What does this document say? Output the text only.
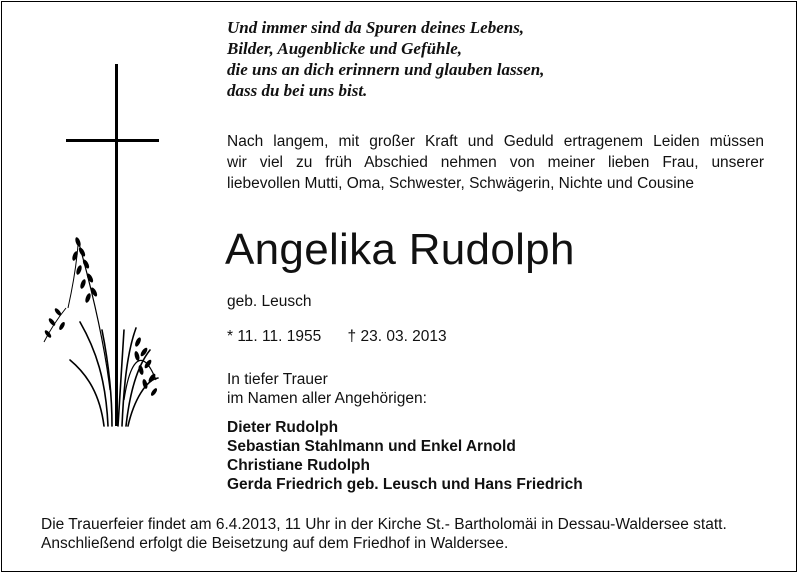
Und immer sind da Spuren deines Lebens,
Bilder, Augenblicke und Gefühle,
die uns an dich erinnern und glauben lassen,
dass du bei uns bist.
Nach langem, mit großer Kraft und Geduld ertragenem Leiden müssen
wir viel zu früh Abschied nehmen von meiner lieben Frau, unserer
liebevollen Mutti, Oma, Schwester, Schwägerin, Nichte und Cousine
Angelika Rudolph
geb. Leusch
* 11. 11. 1955 † 23. 03. 2013
In tiefer Trauer
im Namen aller Angehörigen:
Dieter Rudolph
Sebastian Stahlmann und Enkel Arnold
Christiane Rudolph
Gerda Friedrich geb. Leusch und Hans Friedrich
Die Trauerfeier findet am 6.4.2013, 11 Uhr in der Kirche St.- Bartholomäi in Dessau-Waldersee statt.
Anschließend erfolgt die Beisetzung auf dem Friedhof in Waldersee.
